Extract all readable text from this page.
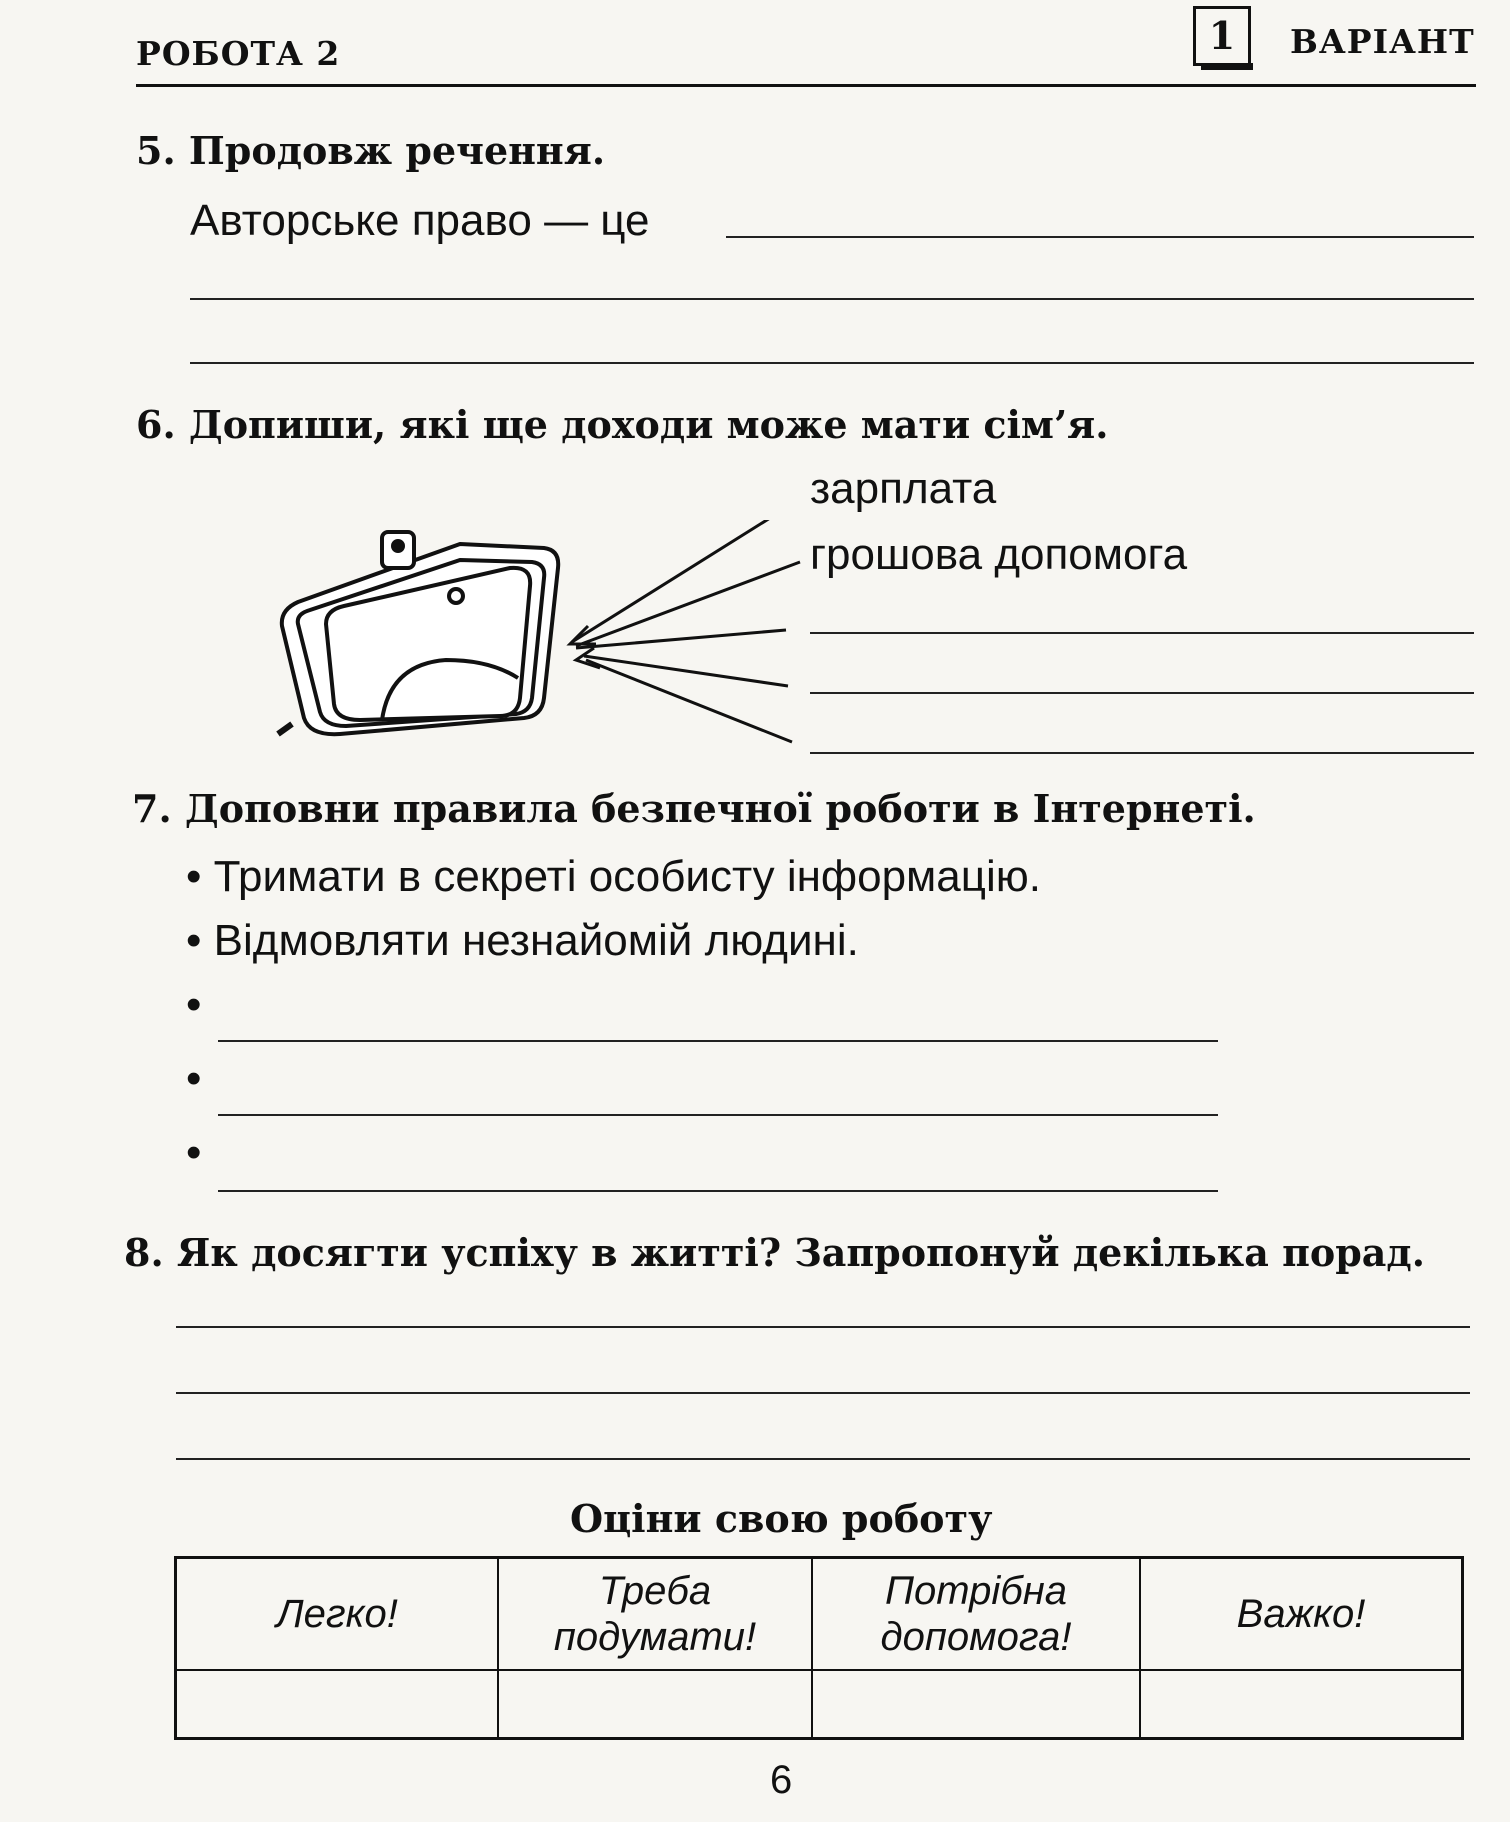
РОБОТА 2	1	ВАРІАНТ
5. Продовж речення.
Авторське право — це
6. Допиши, які ще доходи може мати сім’я.
зарплата
грошова допомога
7. Доповни правила безпечної роботи в Інтернеті.
• Тримати в секреті особисту інформацію.
• Відмовляти незнайомій людині.
•
•
•
8. Як досягти успіху в житті? Запропонуй декілька порад.
Оціни свою роботу
Легко!
Треба подумати!
Потрібна допомога!
Важко!
6
